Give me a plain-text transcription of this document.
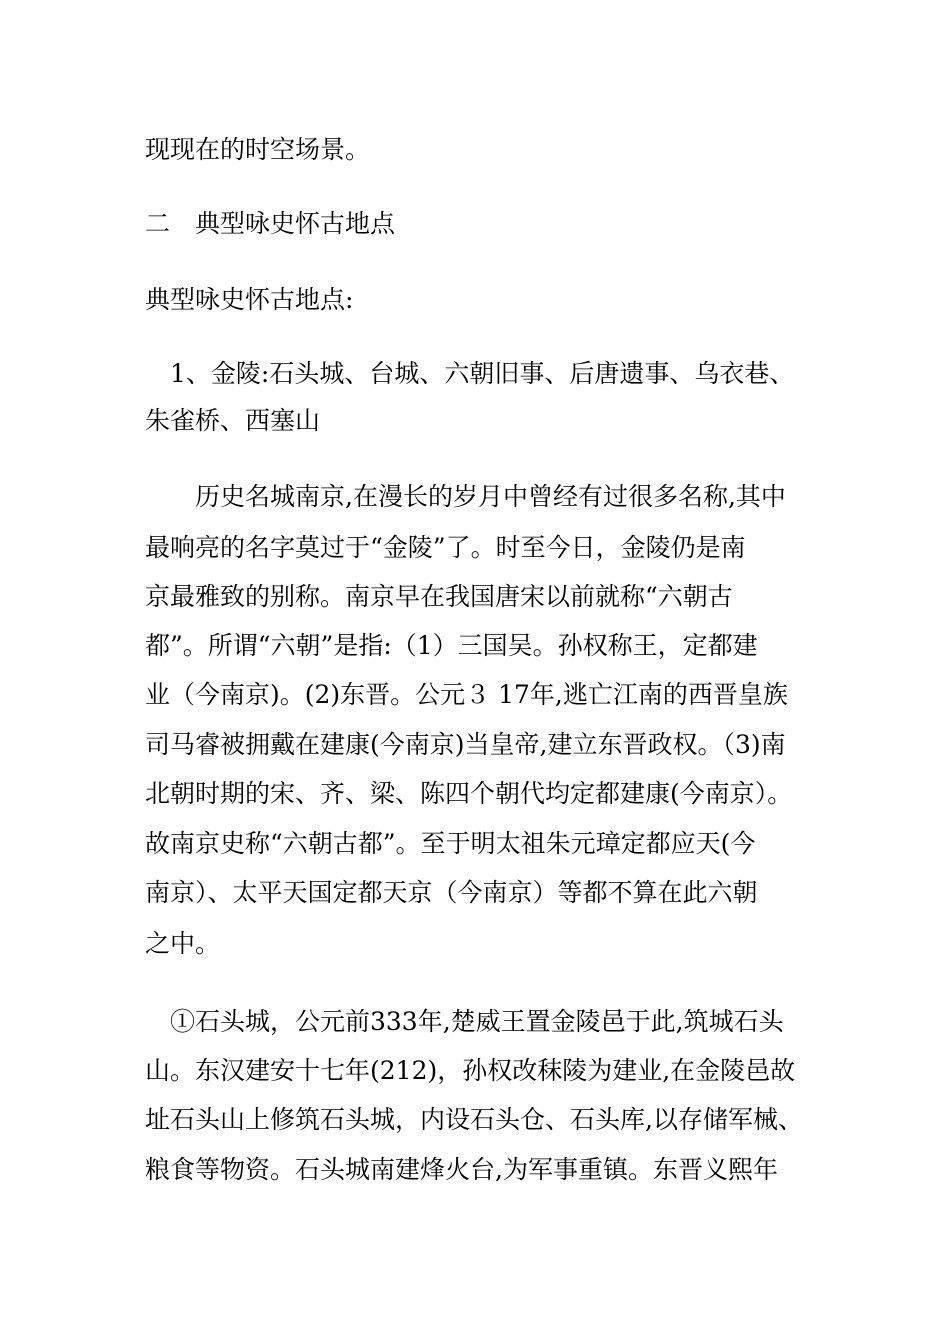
现现在的时空场景。
二　典型咏史怀古地点
典型咏史怀古地点:
　1、金陵:石头城、台城、六朝旧事、后唐遗事、乌衣巷、
朱雀桥、西塞山
　　历史名城南京,在漫长的岁月中曾经有过很多名称,其中
最响亮的名字莫过于“金陵”了。时至今日，金陵仍是南
京最雅致的别称。南京早在我国唐宋以前就称“六朝古
都”。所谓“六朝”是指:（1）三国吴。孙权称王，定都建
业（今南京)。(2)东晋。公元３ 17年,逃亡江南的西晋皇族
司马睿被拥戴在建康(今南京)当皇帝,建立东晋政权。（3)南
北朝时期的宋、齐、梁、陈四个朝代均定都建康(今南京）。
故南京史称“六朝古都”。至于明太祖朱元璋定都应天(今
南京）、太平天国定都天京（今南京）等都不算在此六朝
之中。
　①石头城，公元前333年,楚威王置金陵邑于此,筑城石头
山。东汉建安十七年(212)，孙权改秣陵为建业,在金陵邑故
址石头山上修筑石头城，内设石头仓、石头库,以存储军械、
粮食等物资。石头城南建烽火台,为军事重镇。东晋义熙年
